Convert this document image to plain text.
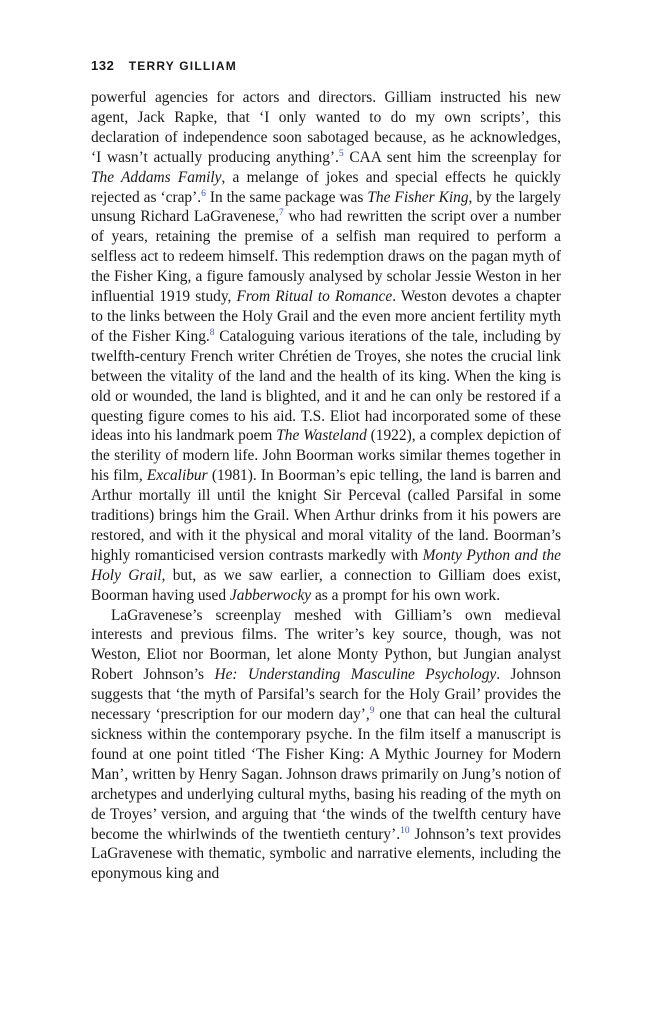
132 TERRY GILLIAM

powerful agencies for actors and directors. Gilliam instructed his new agent, Jack Rapke, that ‘I only wanted to do my own scripts’, this declaration of independence soon sabotaged because, as he acknowledges, ‘I wasn’t actually producing anything’.$^5$ CAA sent him the screenplay for The Addams Family, a melange of jokes and special effects he quickly rejected as ‘crap’.$^6$ In the same package was The Fisher King, by the largely unsung Richard LaGravenese,$^7$ who had rewritten the script over a number of years, retaining the premise of a selfish man required to perform a selfless act to redeem himself. This redemption draws on the pagan myth of the Fisher King, a figure famously analysed by scholar Jessie Weston in her influential 1919 study, From Ritual to Romance. Weston devotes a chapter to the links between the Holy Grail and the even more ancient fertility myth of the Fisher King.$^8$ Cataloguing various iterations of the tale, including by twelfth-century French writer Chrétien de Troyes, she notes the crucial link between the vitality of the land and the health of its king. When the king is old or wounded, the land is blighted, and it and he can only be restored if a questing figure comes to his aid. T.S. Eliot had incorporated some of these ideas into his landmark poem The Wasteland (1922), a complex depiction of the sterility of modern life. John Boorman works similar themes together in his film, Excalibur (1981). In Boorman’s epic telling, the land is barren and Arthur mortally ill until the knight Sir Perceval (called Parsifal in some traditions) brings him the Grail. When Arthur drinks from it his powers are restored, and with it the physical and moral vitality of the land. Boorman’s highly romanticised version contrasts markedly with Monty Python and the Holy Grail, but, as we saw earlier, a connection to Gilliam does exist, Boorman having used Jabberwocky as a prompt for his own work.

LaGravenese’s screenplay meshed with Gilliam’s own medieval interests and previous films. The writer’s key source, though, was not Weston, Eliot nor Boorman, let alone Monty Python, but Jungian analyst Robert Johnson’s He: Understanding Masculine Psychology. Johnson suggests that ‘the myth of Parsifal’s search for the Holy Grail’ provides the necessary ‘prescription for our modern day’,$^9$ one that can heal the cultural sickness within the contemporary psyche. In the film itself a manuscript is found at one point titled ‘The Fisher King: A Mythic Journey for Modern Man’, written by Henry Sagan. Johnson draws primarily on Jung’s notion of archetypes and underlying cultural myths, basing his reading of the myth on de Troyes’ version, and arguing that ‘the winds of the twelfth century have become the whirlwinds of the twentieth century’.$^{10}$ Johnson’s text provides LaGravenese with thematic, symbolic and narrative elements, including the eponymous king and
